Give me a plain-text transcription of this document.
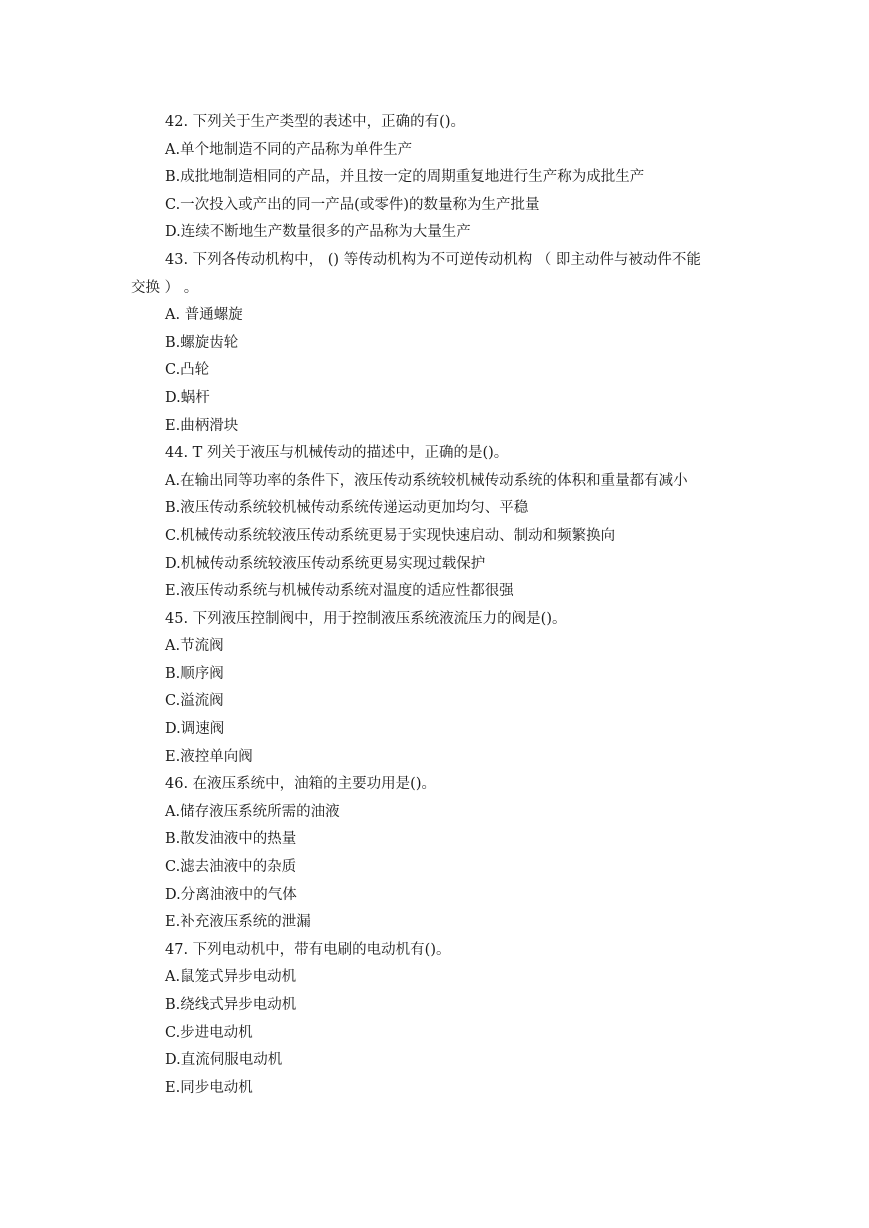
42. 下列关于生产类型的表述中，正确的有()。
A.单个地制造不同的产品称为单件生产
B.成批地制造相同的产品，并且按一定的周期重复地进行生产称为成批生产
C.一次投入或产出的同一产品(或零件)的数量称为生产批量
D.连续不断地生产数量很多的产品称为大量生产
43. 下列各传动机构中， () 等传动机构为不可逆传动机构 （ 即主动件与被动件不能
交换 ） 。
A. 普通螺旋
B.螺旋齿轮
C.凸轮
D.蜗杆
E.曲柄滑块
44. T 列关于液压与机械传动的描述中，正确的是()。
A.在输出同等功率的条件下，液压传动系统较机械传动系统的体积和重量都有减小
B.液压传动系统较机械传动系统传递运动更加均匀、平稳
C.机械传动系统较液压传动系统更易于实现快速启动、制动和频繁换向
D.机械传动系统较液压传动系统更易实现过载保护
E.液压传动系统与机械传动系统对温度的适应性都很强
45. 下列液压控制阀中，用于控制液压系统液流压力的阀是()。
A.节流阀
B.顺序阀
C.溢流阀
D.调速阀
E.液控单向阀
46. 在液压系统中，油箱的主要功用是()。
A.储存液压系统所需的油液
B.散发油液中的热量
C.滤去油液中的杂质
D.分离油液中的气体
E.补充液压系统的泄漏
47. 下列电动机中，带有电刷的电动机有()。
A.鼠笼式异步电动机
B.绕线式异步电动机
C.步进电动机
D.直流伺服电动机
E.同步电动机
